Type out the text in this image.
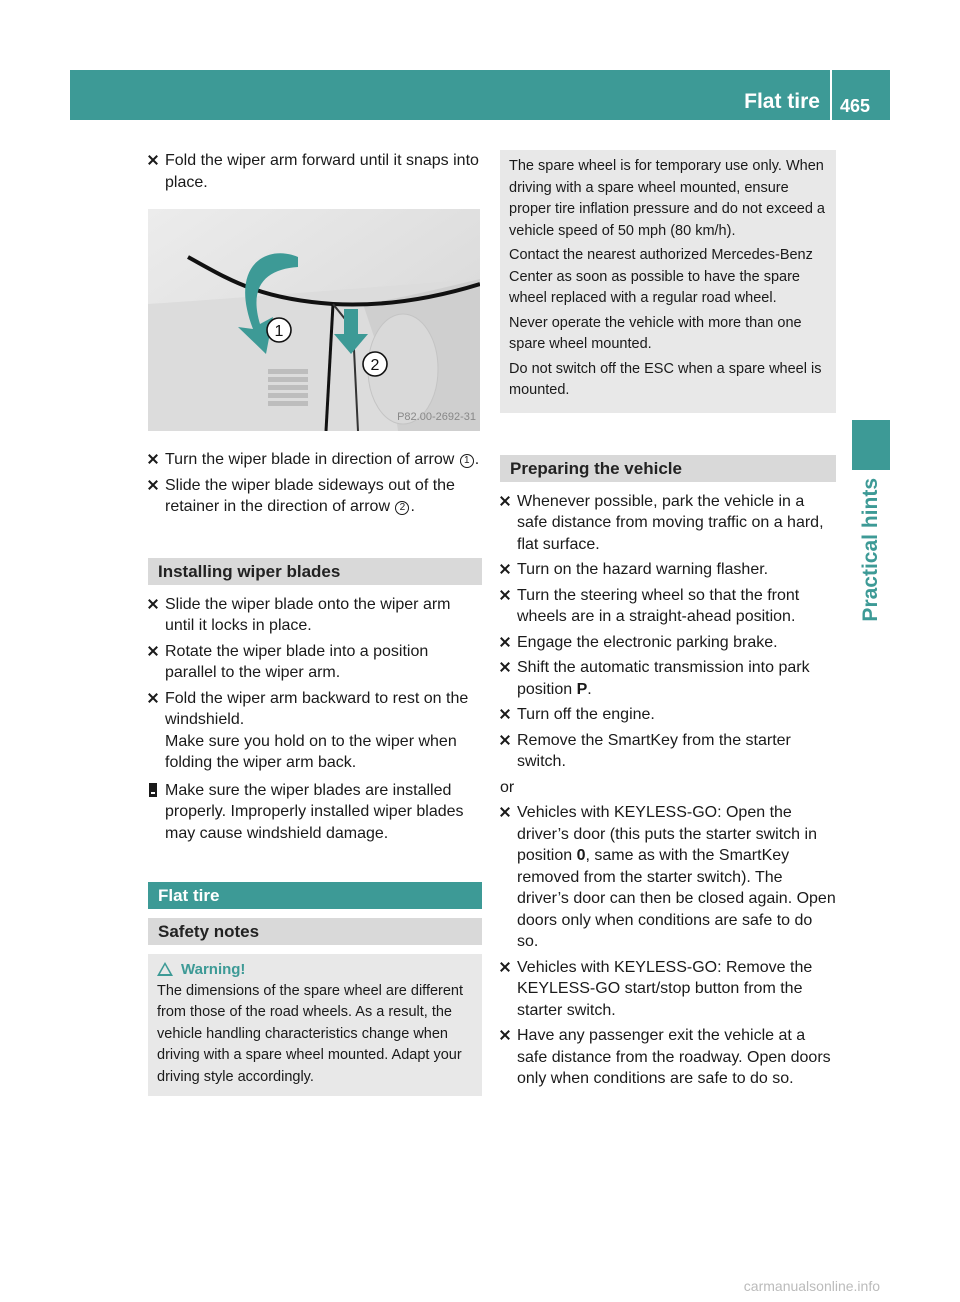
Flat tire 465
Practical hints
Fold the wiper arm forward until it snaps into place.
1
2
P82.00-2692-31
Turn the wiper blade in direction of arrow 1 .
Slide the wiper blade sideways out of the retainer in the direction of arrow 2 .
Installing wiper blades
Slide the wiper blade onto the wiper arm until it locks in place.
Rotate the wiper blade into a position parallel to the wiper arm.
Fold the wiper arm backward to rest on the windshield.
Make sure you hold on to the wiper when folding the wiper arm back.
Make sure the wiper blades are installed properly. Improperly installed wiper blades may cause windshield damage.
Flat tire
Safety notes
Warning!
The dimensions of the spare wheel are different from those of the road wheels. As a result, the vehicle handling characteristics change when driving with a spare wheel mounted. Adapt your driving style accordingly.

The spare wheel is for temporary use only. When driving with a spare wheel mounted, ensure proper tire inflation pressure and do not exceed a vehicle speed of 50 mph (80 km/h).

Contact the nearest authorized Mercedes-Benz Center as soon as possible to have the spare wheel replaced with a regular road wheel.

Never operate the vehicle with more than one spare wheel mounted.

Do not switch off the ESC when a spare wheel is mounted.

Preparing the vehicle
Whenever possible, park the vehicle in a safe distance from moving traffic on a hard, flat surface.
Turn on the hazard warning flasher.
Turn the steering wheel so that the front wheels are in a straight-ahead position.
Engage the electronic parking brake.
Shift the automatic transmission into park position P.
Turn off the engine.
Remove the SmartKey from the starter switch.
or
Vehicles with KEYLESS-GO: Open the driver’s door (this puts the starter switch in position 0, same as with the SmartKey removed from the starter switch). The driver’s door can then be closed again. Open doors only when conditions are safe to do so.
Vehicles with KEYLESS-GO: Remove the KEYLESS-GO start/stop button from the starter switch.
Have any passenger exit the vehicle at a safe distance from the roadway. Open doors only when conditions are safe to do so.
carmanualsonline.info
